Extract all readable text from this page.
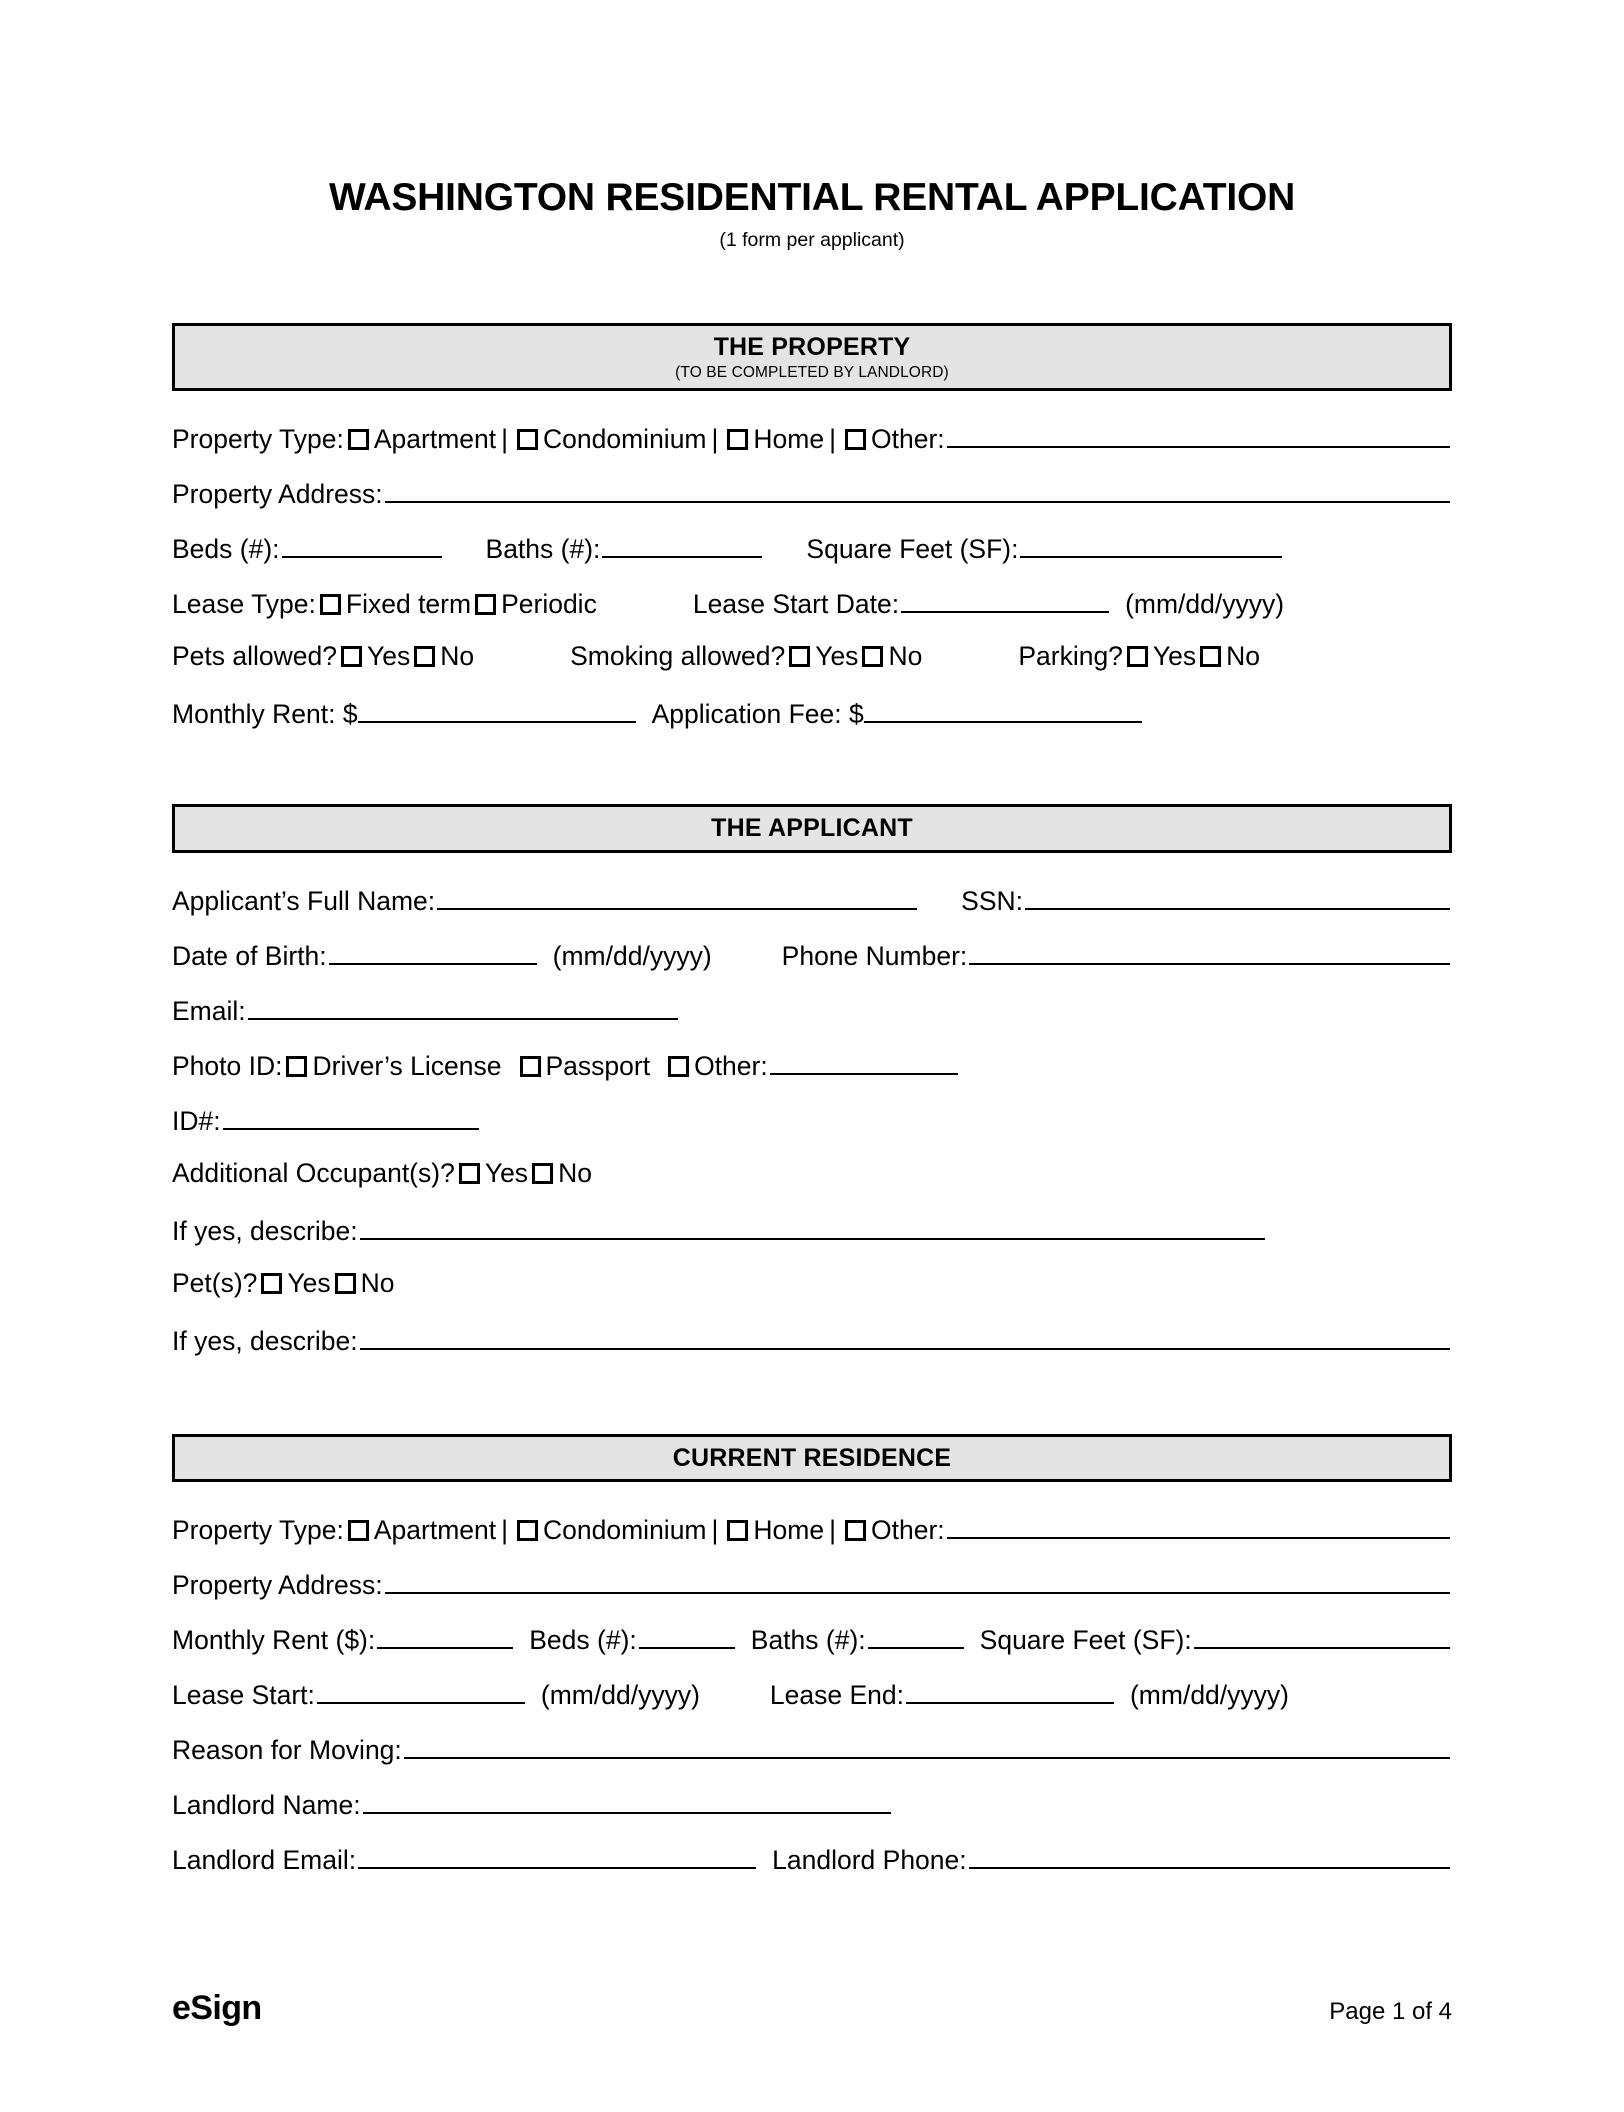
WASHINGTON RESIDENTIAL RENTAL APPLICATION
(1 form per applicant)
THE PROPERTY
(TO BE COMPLETED BY LANDLORD)
Property Type: Apartment | Condominium | Home | Other:
Property Address:
Beds (#):	Baths (#):	Square Feet (SF):
Lease Type: Fixed term Periodic	Lease Start Date:	(mm/dd/yyyy)
Pets allowed? Yes No	Smoking allowed? Yes No	Parking? Yes No
Monthly Rent: $	Application Fee: $
THE APPLICANT
Applicant’s Full Name:	SSN:
Date of Birth:	(mm/dd/yyyy)	Phone Number:
Email:
Photo ID: Driver’s License Passport Other:
ID#:
Additional Occupant(s)? Yes No
If yes, describe:
Pet(s)? Yes No
If yes, describe:
CURRENT RESIDENCE
Property Type: Apartment | Condominium | Home | Other:
Property Address:
Monthly Rent ($):	Beds (#):	Baths (#):	Square Feet (SF):
Lease Start:	(mm/dd/yyyy)	Lease End:	(mm/dd/yyyy)
Reason for Moving:
Landlord Name:
Landlord Email:	Landlord Phone:
eSign	Page 1 of 4
